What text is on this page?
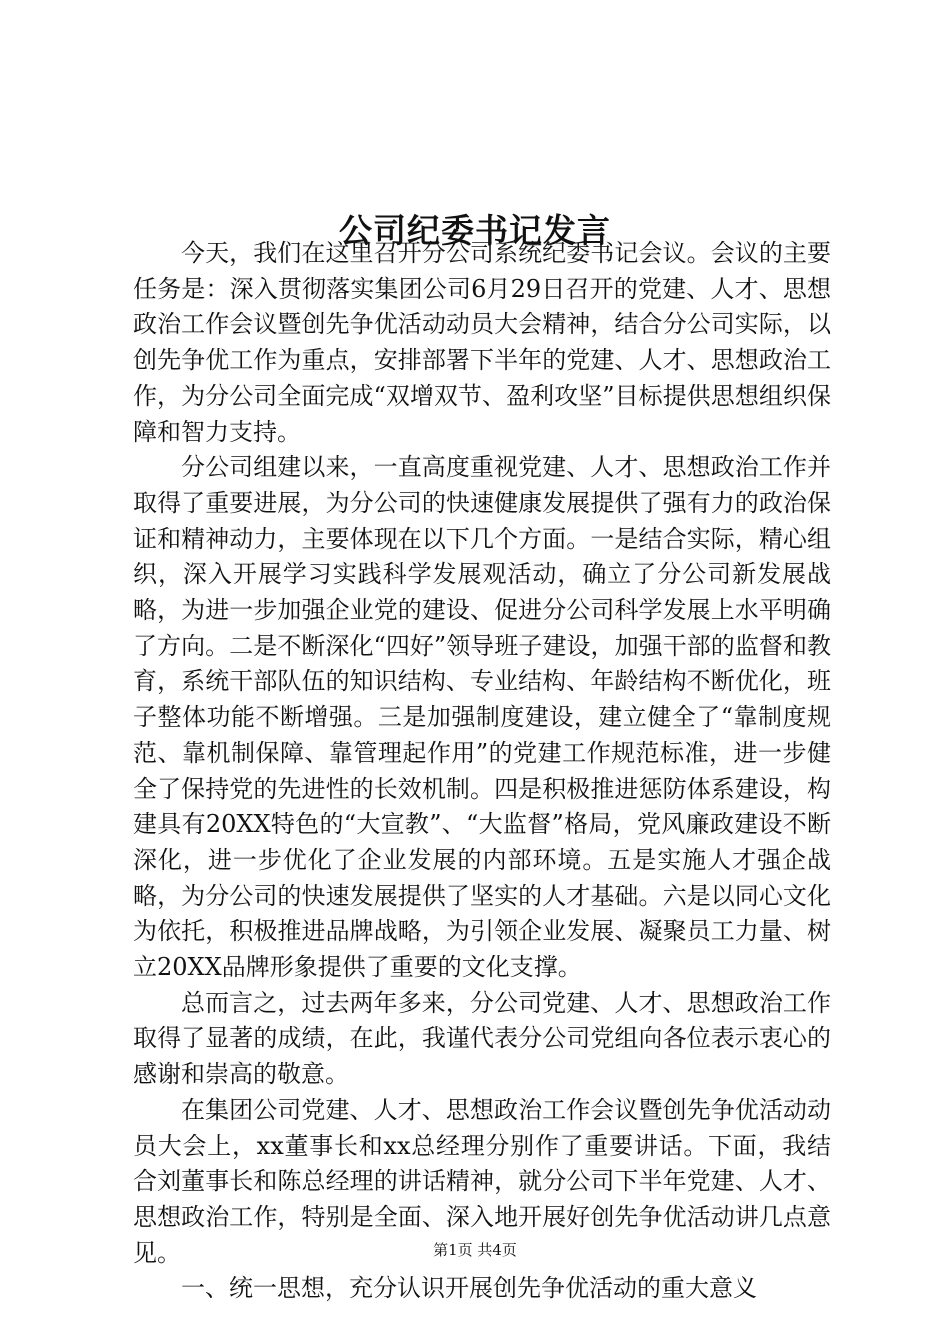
公司纪委书记发言

今天，我们在这里召开分公司系统纪委书记会议。会议的主要任务是：深入贯彻落实集团公司6月29日召开的党建、人才、思想政治工作会议暨创先争优活动动员大会精神，结合分公司实际，以创先争优工作为重点，安排部署下半年的党建、人才、思想政治工作，为分公司全面完成“双增双节、盈利攻坚”目标提供思想组织保障和智力支持。

分公司组建以来，一直高度重视党建、人才、思想政治工作并取得了重要进展，为分公司的快速健康发展提供了强有力的政治保证和精神动力，主要体现在以下几个方面。一是结合实际，精心组织，深入开展学习实践科学发展观活动，确立了分公司新发展战略，为进一步加强企业党的建设、促进分公司科学发展上水平明确了方向。二是不断深化“四好”领导班子建设，加强干部的监督和教育，系统干部队伍的知识结构、专业结构、年龄结构不断优化，班子整体功能不断增强。三是加强制度建设，建立健全了“靠制度规范、靠机制保障、靠管理起作用”的党建工作规范标准，进一步健全了保持党的先进性的长效机制。四是积极推进惩防体系建设，构建具有20XX特色的“大宣教”、“大监督”格局，党风廉政建设不断深化，进一步优化了企业发展的内部环境。五是实施人才强企战略，为分公司的快速发展提供了坚实的人才基础。六是以同心文化为依托，积极推进品牌战略，为引领企业发展、凝聚员工力量、树立20XX品牌形象提供了重要的文化支撑。

总而言之，过去两年多来，分公司党建、人才、思想政治工作取得了显著的成绩，在此，我谨代表分公司党组向各位表示衷心的感谢和崇高的敬意。

在集团公司党建、人才、思想政治工作会议暨创先争优活动动员大会上，xx董事长和xx总经理分别作了重要讲话。下面，我结合刘董事长和陈总经理的讲话精神，就分公司下半年党建、人才、思想政治工作，特别是全面、深入地开展好创先争优活动讲几点意见。

一、统一思想，充分认识开展创先争优活动的重大意义

第1页 共4页
